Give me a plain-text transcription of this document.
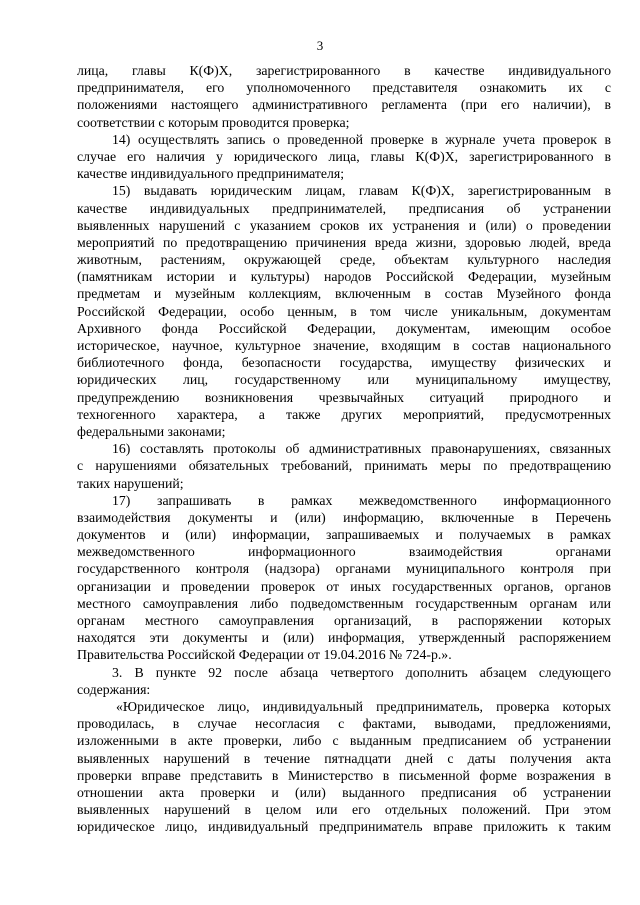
3
лица, главы К(Ф)Х, зарегистрированного в качестве индивидуального
предпринимателя, его уполномоченного представителя ознакомить их с
положениями настоящего административного регламента (при его наличии), в
соответствии с которым проводится проверка;
14) осуществлять запись о проведенной проверке в журнале учета проверок в
случае его наличия у юридического лица, главы К(Ф)Х, зарегистрированного в
качестве индивидуального предпринимателя;
15) выдавать юридическим лицам, главам К(Ф)Х, зарегистрированным в
качестве индивидуальных предпринимателей, предписания об устранении
выявленных нарушений с указанием сроков их устранения и (или) о проведении
мероприятий по предотвращению причинения вреда жизни, здоровью людей, вреда
животным, растениям, окружающей среде, объектам культурного наследия
(памятникам истории и культуры) народов Российской Федерации, музейным
предметам и музейным коллекциям, включенным в состав Музейного фонда
Российской Федерации, особо ценным, в том числе уникальным, документам
Архивного фонда Российской Федерации, документам, имеющим особое
историческое, научное, культурное значение, входящим в состав национального
библиотечного фонда, безопасности государства, имуществу физических и
юридических лиц, государственному или муниципальному имуществу,
предупреждению возникновения чрезвычайных ситуаций природного и
техногенного характера, а также других мероприятий, предусмотренных
федеральными законами;
16) составлять протоколы об административных правонарушениях, связанных
с нарушениями обязательных требований, принимать меры по предотвращению
таких нарушений;
17) запрашивать в рамках межведомственного информационного
взаимодействия документы и (или) информацию, включенные в Перечень
документов и (или) информации, запрашиваемых и получаемых в рамках
межведомственного информационного взаимодействия органами
государственного контроля (надзора) органами муниципального контроля при
организации и проведении проверок от иных государственных органов, органов
местного самоуправления либо подведомственным государственным органам или
органам местного самоуправления организаций, в распоряжении которых
находятся эти документы и (или) информация, утвержденный распоряжением
Правительства Российской Федерации от 19.04.2016 № 724-р.».
3. В пункте 92 после абзаца четвертого дополнить абзацем следующего
содержания:
«Юридическое лицо, индивидуальный предприниматель, проверка которых
проводилась, в случае несогласия с фактами, выводами, предложениями,
изложенными в акте проверки, либо с выданным предписанием об устранении
выявленных нарушений в течение пятнадцати дней с даты получения акта
проверки вправе представить в Министерство в письменной форме возражения в
отношении акта проверки и (или) выданного предписания об устранении
выявленных нарушений в целом или его отдельных положений. При этом
юридическое лицо, индивидуальный предприниматель вправе приложить к таким
